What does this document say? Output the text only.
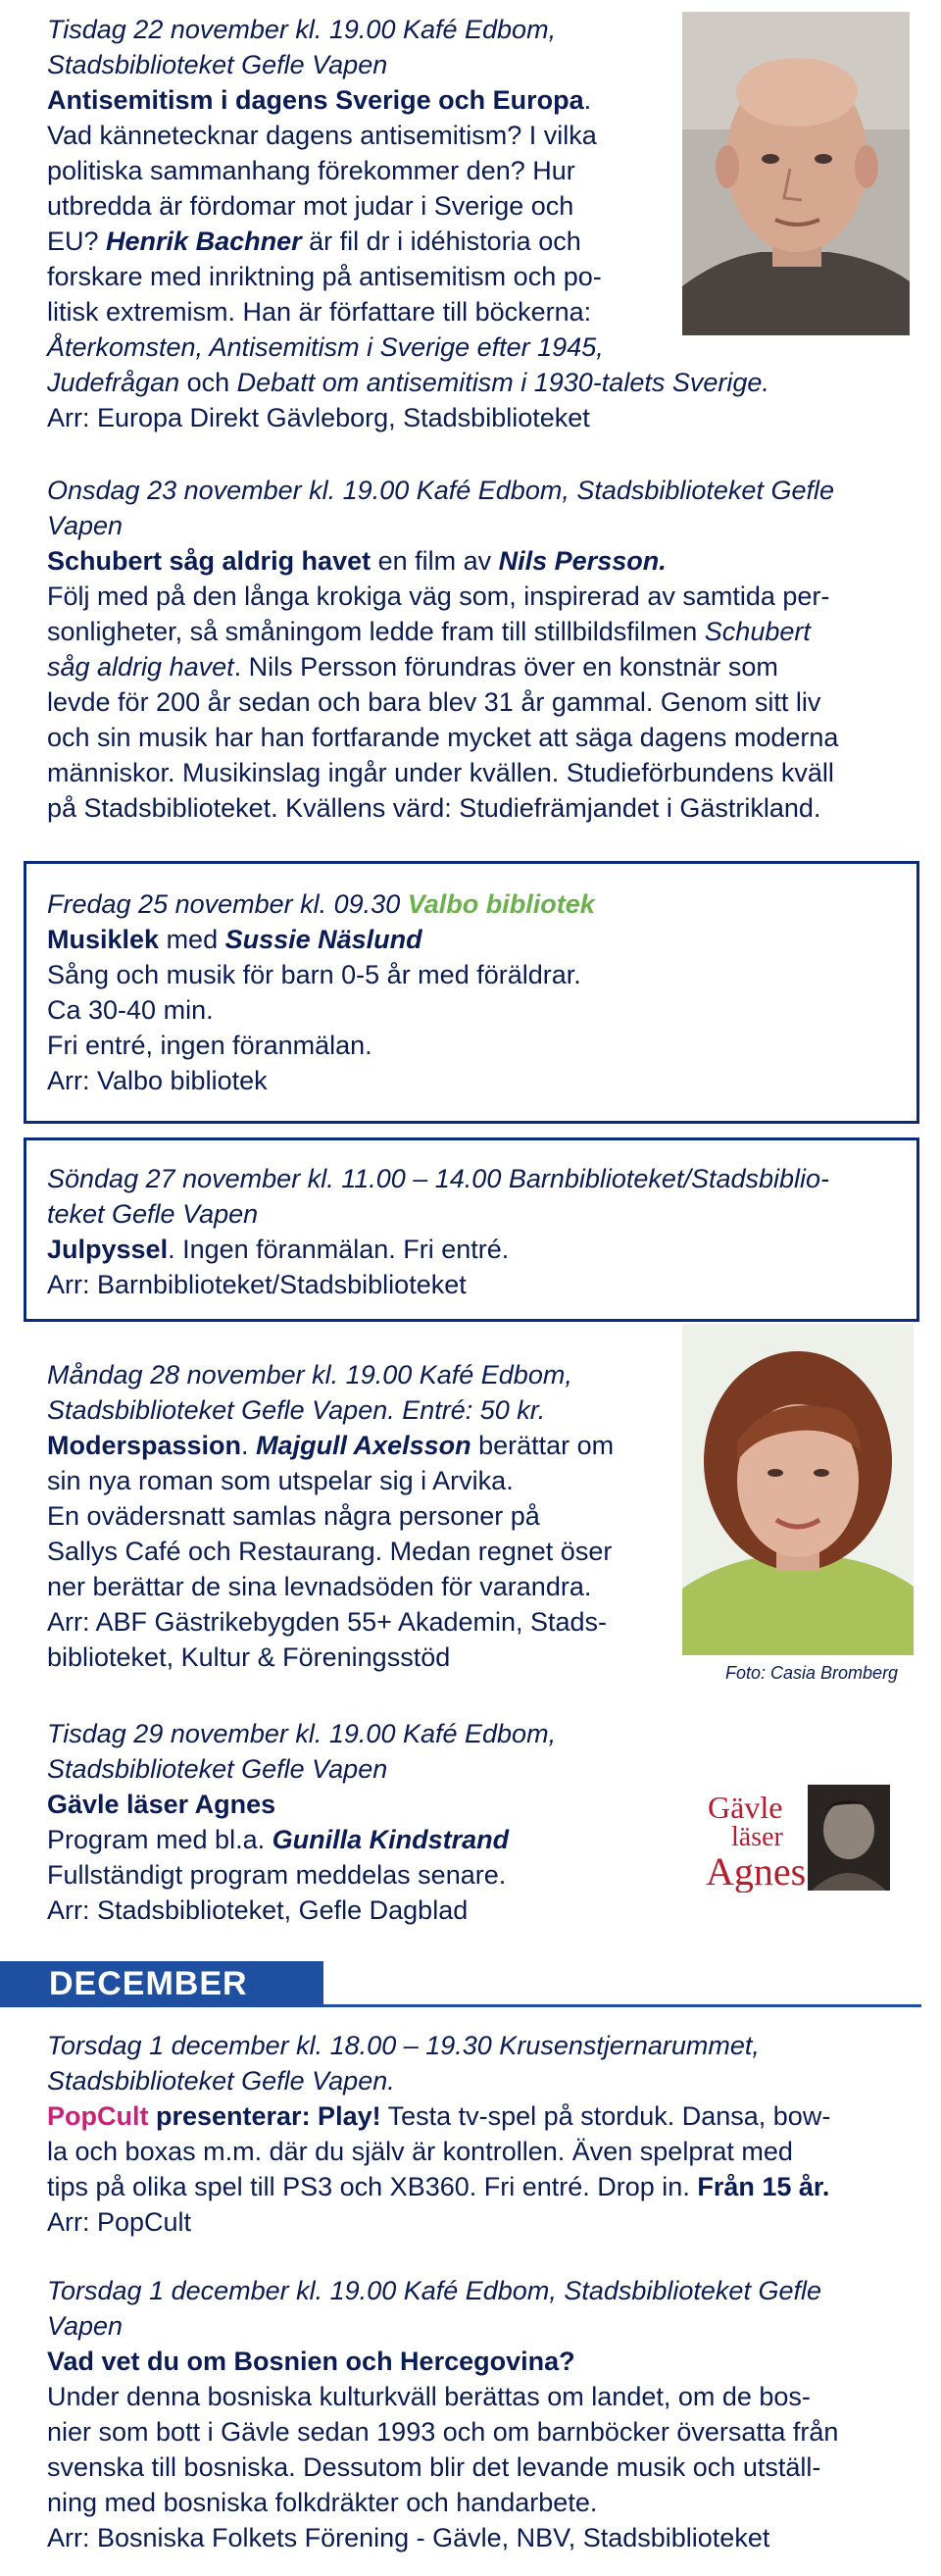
Tisdag 22 november kl. 19.00 Kafé Edbom,
Stadsbiblioteket Gefle Vapen
Antisemitism i dagens Sverige och Europa.
Vad kännetecknar dagens antisemitism? I vilka
politiska sammanhang förekommer den? Hur
utbredda är fördomar mot judar i Sverige och
EU? Henrik Bachner är fil dr i idéhistoria och
forskare med inriktning på antisemitism och po-
litisk extremism. Han är författare till böckerna:
Återkomsten, Antisemitism i Sverige efter 1945,
Judefrågan och Debatt om antisemitism i 1930-talets Sverige.
Arr: Europa Direkt Gävleborg, Stadsbiblioteket
Onsdag 23 november kl. 19.00 Kafé Edbom, Stadsbiblioteket Gefle
Vapen
Schubert såg aldrig havet en film av Nils Persson.
Följ med på den långa krokiga väg som, inspirerad av samtida per-
sonligheter, så småningom ledde fram till stillbildsfilmen Schubert
såg aldrig havet. Nils Persson förundras över en konstnär som
levde för 200 år sedan och bara blev 31 år gammal. Genom sitt liv
och sin musik har han fortfarande mycket att säga dagens moderna
människor. Musikinslag ingår under kvällen. Studieförbundens kväll
på Stadsbiblioteket. Kvällens värd: Studiefrämjandet i Gästrikland.
Fredag 25 november kl. 09.30 Valbo bibliotek
Musiklek med Sussie Näslund
Sång och musik för barn 0-5 år med föräldrar.
Ca 30-40 min.
Fri entré, ingen föranmälan.
Arr: Valbo bibliotek
Söndag 27 november kl. 11.00 – 14.00 Barnbiblioteket/Stadsbiblio-
teket Gefle Vapen
Julpyssel. Ingen föranmälan. Fri entré.
Arr: Barnbiblioteket/Stadsbiblioteket
Måndag 28 november kl. 19.00 Kafé Edbom,
Stadsbiblioteket Gefle Vapen. Entré: 50 kr.
Moderspassion. Majgull Axelsson berättar om
sin nya roman som utspelar sig i Arvika.
En ovädersnatt samlas några personer på
Sallys Café och Restaurang. Medan regnet öser
ner berättar de sina levnadsöden för varandra.
Arr: ABF Gästrikebygden 55+ Akademin, Stads-
biblioteket, Kultur & Föreningsstöd
Foto: Casia Bromberg
Tisdag 29 november kl. 19.00 Kafé Edbom,
Stadsbiblioteket Gefle Vapen
Gävle läser Agnes
Program med bl.a. Gunilla Kindstrand
Fullständigt program meddelas senare.
Arr: Stadsbiblioteket, Gefle Dagblad
Gävle
läser
Agnes
DECEMBER
Torsdag 1 december kl. 18.00 – 19.30 Krusenstjernarummet,
Stadsbiblioteket Gefle Vapen.
PopCult presenterar: Play! Testa tv-spel på storduk. Dansa, bow-
la och boxas m.m. där du själv är kontrollen. Även spelprat med
tips på olika spel till PS3 och XB360. Fri entré. Drop in. Från 15 år.
Arr: PopCult
Torsdag 1 december kl. 19.00 Kafé Edbom, Stadsbiblioteket Gefle
Vapen
Vad vet du om Bosnien och Hercegovina?
Under denna bosniska kulturkväll berättas om landet, om de bos-
nier som bott i Gävle sedan 1993 och om barnböcker översatta från
svenska till bosniska. Dessutom blir det levande musik och utställ-
ning med bosniska folkdräkter och handarbete.
Arr: Bosniska Folkets Förening - Gävle, NBV, Stadsbiblioteket
